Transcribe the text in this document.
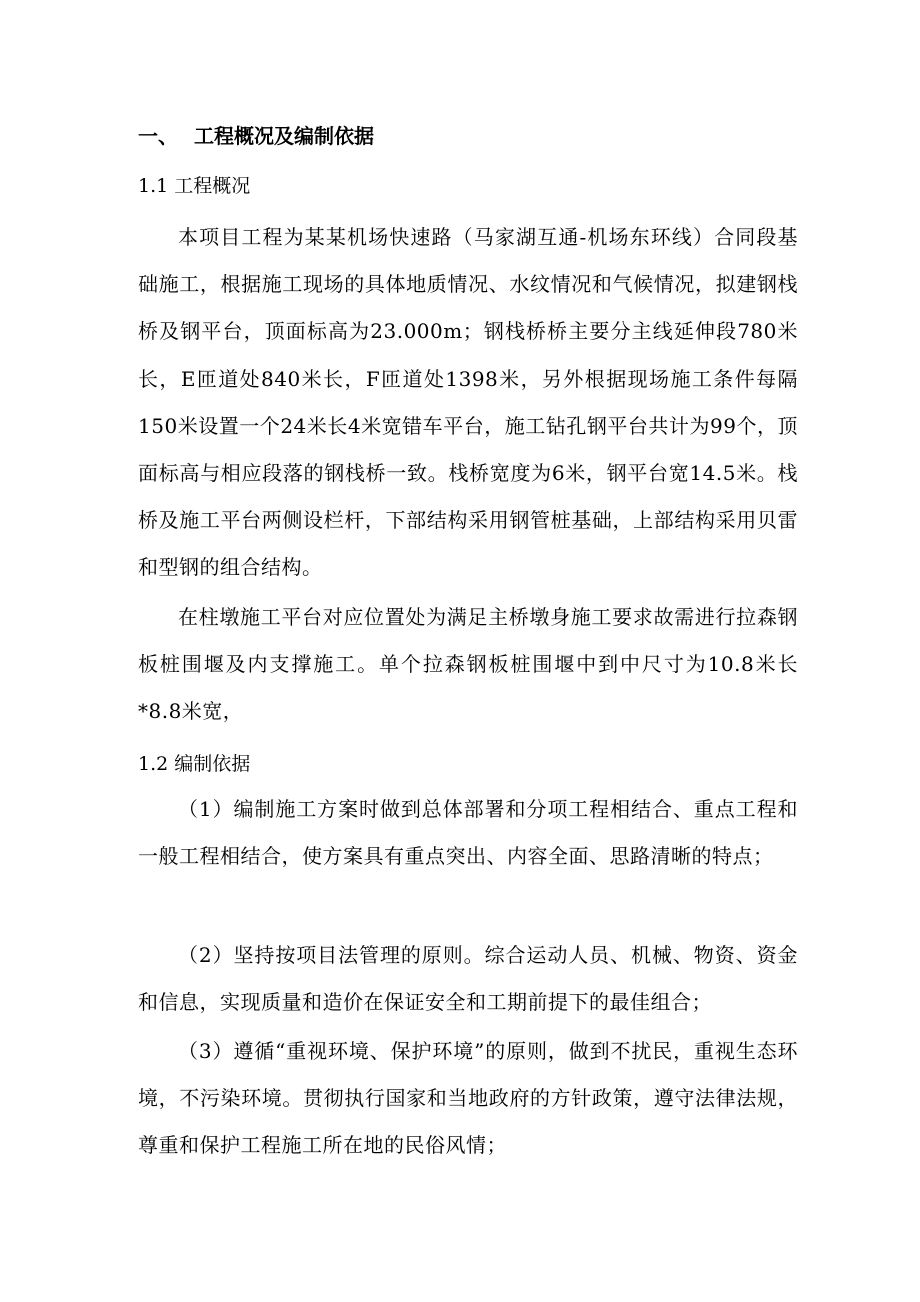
一、 工程概况及编制依据
1.1 工程概况

本项目工程为某某机场快速路（马家湖互通-机场东环线）合同段基础施工，根据施工现场的具体地质情况、水纹情况和气候情况，拟建钢栈桥及钢平台，顶面标高为23.000m；钢栈桥桥主要分主线延伸段780米长，E匝道处840米长，F匝道处1398米，另外根据现场施工条件每隔150米设置一个24米长4米宽错车平台，施工钻孔钢平台共计为99个，顶面标高与相应段落的钢栈桥一致。栈桥宽度为6米，钢平台宽14.5米。栈桥及施工平台两侧设栏杆，下部结构采用钢管桩基础，上部结构采用贝雷和型钢的组合结构。

在柱墩施工平台对应位置处为满足主桥墩身施工要求故需进行拉森钢板桩围堰及内支撑施工。单个拉森钢板桩围堰中到中尺寸为10.8米长*8.8米宽，

1.2 编制依据

（1）编制施工方案时做到总体部署和分项工程相结合、重点工程和一般工程相结合，使方案具有重点突出、内容全面、思路清晰的特点；

（2）坚持按项目法管理的原则。综合运动人员、机械、物资、资金和信息，实现质量和造价在保证安全和工期前提下的最佳组合；

（3）遵循“重视环境、保护环境”的原则，做到不扰民，重视生态环境，不污染环境。贯彻执行国家和当地政府的方针政策，遵守法律法规，尊重和保护工程施工所在地的民俗风情；
